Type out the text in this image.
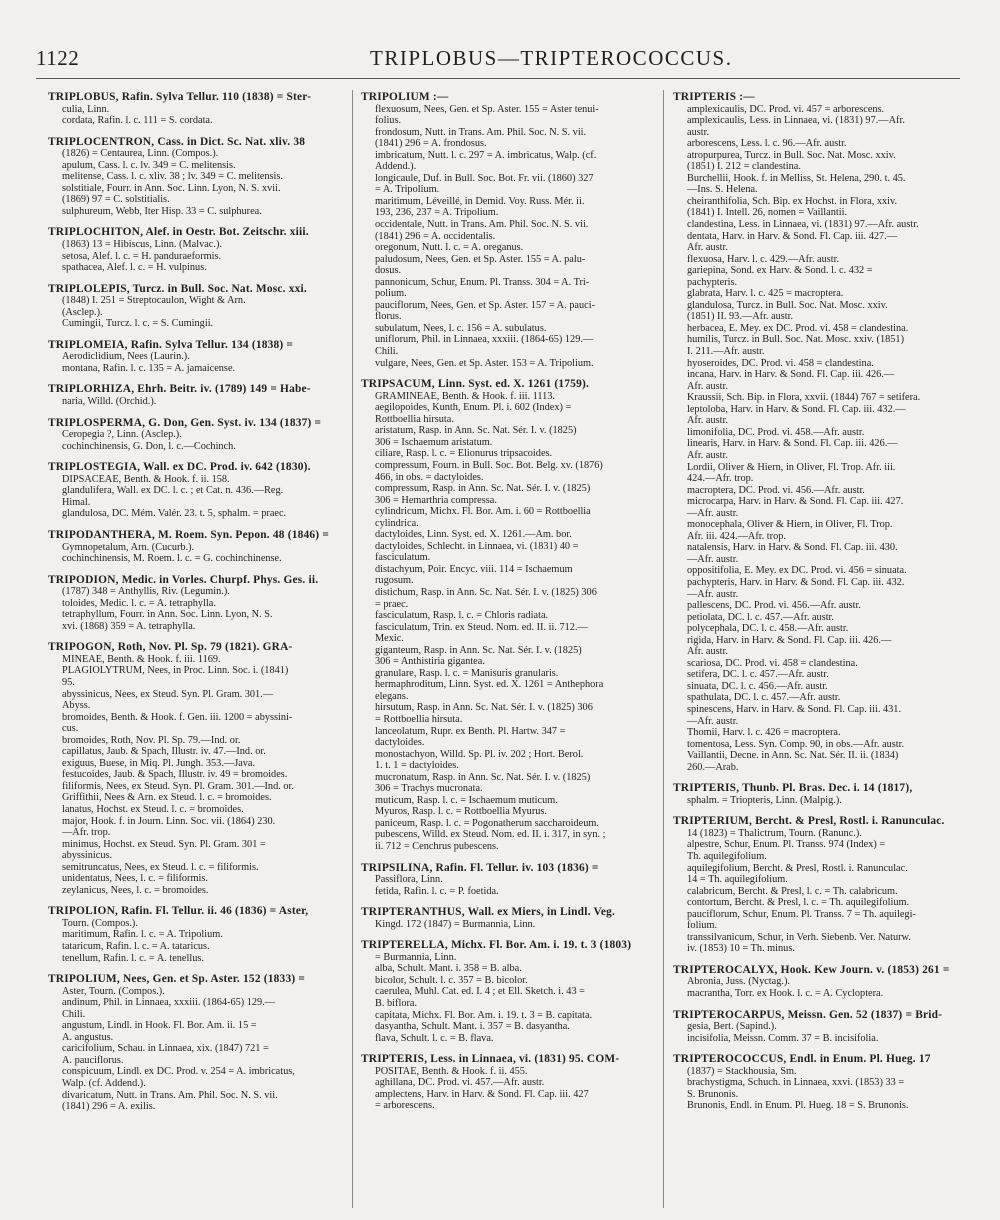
1122	TRIPLOBUS—TRIPTEROCOCCUS.
TRIPLOBUS, Rafin. Sylva Tellur. 110 (1838) = Ster-
culia, Linn.
cordata, Rafin. l. c. 111 = S. cordata.
TRIPLOCENTRON, Cass. in Dict. Sc. Nat. xliv. 38
(1826) = Centaurea, Linn. (Compos.).
apulum, Cass. l. c. lv. 349 = C. melitensis.
melitense, Cass. l. c. xliv. 38 ; lv. 349 = C. melitensis.
solstitiale, Fourr. in Ann. Soc. Linn. Lyon, N. S. xvii.
(1869) 97 = C. solstitialis.
sulphureum, Webb, Iter Hisp. 33 = C. sulphurea.
TRIPLOCHITON, Alef. in Oestr. Bot. Zeitschr. xiii.
(1863) 13 = Hibiscus, Linn. (Malvac.).
setosa, Alef. l. c. = H. panduraeformis.
spathacea, Alef. l. c. = H. vulpinus.
TRIPLOLEPIS, Turcz. in Bull. Soc. Nat. Mosc. xxi.
(1848) I. 251 = Streptocaulon, Wight & Arn.
(Asclep.).
Cumingii, Turcz. l. c. = S. Cumingii.
TRIPLOMEIA, Rafin. Sylva Tellur. 134 (1838) =
Aerodiclidium, Nees (Laurin.).
montana, Rafin. l. c. 135 = A. jamaicense.
TRIPLORHIZA, Ehrh. Beitr. iv. (1789) 149 = Habe-
naria, Willd. (Orchid.).
TRIPLOSPERMA, G. Don, Gen. Syst. iv. 134 (1837) =
Ceropegia ?, Linn. (Asclep.).
cochinchinensis, G. Don, l. c.—Cochinch.
TRIPLOSTEGIA, Wall. ex DC. Prod. iv. 642 (1830).
DIPSACEAE, Benth. & Hook. f. ii. 158.
glandulifera, Wall. ex DC. l. c. ; et Cat. n. 436.—Reg.
Himal.
glandulosa, DC. Mém. Valér. 23. t. 5, sphalm. = praec.
TRIPODANTHERA, M. Roem. Syn. Pepon. 48 (1846) =
Gymnopetalum, Arn. (Cucurb.).
cochinchinensis, M. Roem. l. c. = G. cochinchinense.
TRIPODION, Medic. in Vorles. Churpf. Phys. Ges. ii.
(1787) 348 = Anthyllis, Riv. (Legumin.).
toloides, Medic. l. c. = A. tetraphylla.
tetraphyllum, Fourr. in Ann. Soc. Linn. Lyon, N. S.
xvi. (1868) 359 = A. tetraphylla.
TRIPOGON, Roth, Nov. Pl. Sp. 79 (1821). GRA-
MINEAE, Benth. & Hook. f. iii. 1169.
PLAGIOLYTRUM, Nees, in Proc. Linn. Soc. i. (1841)
95.
abyssinicus, Nees, ex Steud. Syn. Pl. Gram. 301.—
Abyss.
bromoides, Benth. & Hook. f. Gen. iii. 1200 = abyssini-
cus.
bromoides, Roth, Nov. Pl. Sp. 79.—Ind. or.
capillatus, Jaub. & Spach, Illustr. iv. 47.—Ind. or.
exiguus, Buese, in Miq. Pl. Jungh. 353.—Java.
festucoides, Jaub. & Spach, Illustr. iv. 49 = bromoides.
filiformis, Nees, ex Steud. Syn. Pl. Gram. 301.—Ind. or.
Griffithii, Nees & Arn. ex Steud. l. c. = bromoides.
lanatus, Hochst. ex Steud. l. c. = bromoides.
major, Hook. f. in Journ. Linn. Soc. vii. (1864) 230.
—Afr. trop.
minimus, Hochst. ex Steud. Syn. Pl. Gram. 301 =
abyssinicus.
semitruncatus, Nees, ex Steud. l. c. = filiformis.
unidentatus, Nees, l. c. = filiformis.
zeylanicus, Nees, l. c. = bromoides.
TRIPOLION, Rafin. Fl. Tellur. ii. 46 (1836) = Aster,
Tourn. (Compos.).
maritimum, Rafin. l. c. = A. Tripolium.
tataricum, Rafin. l. c. = A. tataricus.
tenellum, Rafin. l. c. = A. tenellus.
TRIPOLIUM, Nees, Gen. et Sp. Aster. 152 (1833) =
Aster, Tourn. (Compos.).
andinum, Phil. in Linnaea, xxxiii. (1864-65) 129.—
Chili.
angustum, Lindl. in Hook. Fl. Bor. Am. ii. 15 =
A. angustus.
caricifolium, Schau. in Linnaea, xix. (1847) 721 =
A. pauciflorus.
conspicuum, Lindl. ex DC. Prod. v. 254 = A. imbricatus,
Walp. (cf. Addend.).
divaricatum, Nutt. in Trans. Am. Phil. Soc. N. S. vii.
(1841) 296 = A. exilis.
TRIPOLIUM :—
flexuosum, Nees, Gen. et Sp. Aster. 155 = Aster tenui-
folius.
frondosum, Nutt. in Trans. Am. Phil. Soc. N. S. vii.
(1841) 296 = A. frondosus.
imbricatum, Nutt. l. c. 297 = A. imbricatus, Walp. (cf.
Addend.).
longicaule, Duf. in Bull. Soc. Bot. Fr. vii. (1860) 327
= A. Tripolium.
maritimum, Léveillé, in Demid. Voy. Russ. Mér. ii.
193, 236, 237 = A. Tripolium.
occidentale, Nutt. in Trans. Am. Phil. Soc. N. S. vii.
(1841) 296 = A. occidentalis.
oregonum, Nutt. l. c. = A. oreganus.
paludosum, Nees, Gen. et Sp. Aster. 155 = A. palu-
dosus.
pannonicum, Schur, Enum. Pl. Transs. 304 = A. Tri-
polium.
pauciflorum, Nees, Gen. et Sp. Aster. 157 = A. pauci-
florus.
subulatum, Nees, l. c. 156 = A. subulatus.
uniflorum, Phil. in Linnaea, xxxiii. (1864-65) 129.—
Chili.
vulgare, Nees, Gen. et Sp. Aster. 153 = A. Tripolium.
TRIPSACUM, Linn. Syst. ed. X. 1261 (1759).
GRAMINEAE, Benth. & Hook. f. iii. 1113.
aegilopoides, Kunth, Enum. Pl. i. 602 (Index) =
Rottboellia hirsuta.
aristatum, Rasp. in Ann. Sc. Nat. Sér. I. v. (1825)
306 = Ischaemum aristatum.
ciliare, Rasp. l. c. = Elionurus tripsacoides.
compressum, Fourn. in Bull. Soc. Bot. Belg. xv. (1876)
466, in obs. = dactyloides.
compressum, Rasp. in Ann. Sc. Nat. Sér. I. v. (1825)
306 = Hemarthria compressa.
cylindricum, Michx. Fl. Bor. Am. i. 60 = Rottboellia
cylindrica.
dactyloides, Linn. Syst. ed. X. 1261.—Am. bor.
dactyloides, Schlecht. in Linnaea, vi. (1831) 40 =
fasciculatum.
distachyum, Poir. Encyc. viii. 114 = Ischaemum
rugosum.
distichum, Rasp. in Ann. Sc. Nat. Sér. I. v. (1825) 306
= praec.
fasciculatum, Rasp. l. c. = Chloris radiata.
fasciculatum, Trin. ex Steud. Nom. ed. II. ii. 712.—
Mexic.
giganteum, Rasp. in Ann. Sc. Nat. Sér. I. v. (1825)
306 = Anthistiria gigantea.
granulare, Rasp. l. c. = Manisuris granularis.
hermaphroditum, Linn. Syst. ed. X. 1261 = Anthephora
elegans.
hirsutum, Rasp. in Ann. Sc. Nat. Sér. I. v. (1825) 306
= Rottboellia hirsuta.
lanceolatum, Rupr. ex Benth. Pl. Hartw. 347 =
dactyloides.
monostachyon, Willd. Sp. Pl. iv. 202 ; Hort. Berol.
1. t. 1 = dactyloides.
mucronatum, Rasp. in Ann. Sc. Nat. Sér. I. v. (1825)
306 = Trachys mucronata.
muticum, Rasp. l. c. = Ischaemum muticum.
Myuros, Rasp. l. c. = Rottboellia Myurus.
paniceum, Rasp. l. c. = Pogonatherum saccharoideum.
pubescens, Willd. ex Steud. Nom. ed. II. i. 317, in syn. ;
ii. 712 = Cenchrus pubescens.
TRIPSILINA, Rafin. Fl. Tellur. iv. 103 (1836) =
Passiflora, Linn.
fetida, Rafin. l. c. = P. foetida.
TRIPTERANTHUS, Wall. ex Miers, in Lindl. Veg.
Kingd. 172 (1847) = Burmannia, Linn.
TRIPTERELLA, Michx. Fl. Bor. Am. i. 19. t. 3 (1803)
= Burmannia, Linn.
alba, Schult. Mant. i. 358 = B. alba.
bicolor, Schult. l. c. 357 = B. bicolor.
caerulea, Muhl. Cat. ed. I. 4 ; et Ell. Sketch. i. 43 =
B. biflora.
capitata, Michx. Fl. Bor. Am. i. 19. t. 3 = B. capitata.
dasyantha, Schult. Mant. i. 357 = B. dasyantha.
flava, Schult. l. c. = B. flava.
TRIPTERIS, Less. in Linnaea, vi. (1831) 95. COM-
POSITAE, Benth. & Hook. f. ii. 455.
aghillana, DC. Prod. vi. 457.—Afr. austr.
amplectens, Harv. in Harv. & Sond. Fl. Cap. iii. 427
= arborescens.
TRIPTERIS :—
amplexicaulis, DC. Prod. vi. 457 = arborescens.
amplexicaulis, Less. in Linnaea, vi. (1831) 97.—Afr.
austr.
arborescens, Less. l. c. 96.—Afr. austr.
atropurpurea, Turcz. in Bull. Soc. Nat. Mosc. xxiv.
(1851) I. 212 = clandestina.
Burchellii, Hook. f. in Melliss, St. Helena, 290. t. 45.
—Ins. S. Helena.
cheiranthifolia, Sch. Bip. ex Hochst. in Flora, xxiv.
(1841) I. Intell. 26, nomen = Vaillantii.
clandestina, Less. in Linnaea, vi. (1831) 97.—Afr. austr.
dentata, Harv. in Harv. & Sond. Fl. Cap. iii. 427.—
Afr. austr.
flexuosa, Harv. l. c. 429.—Afr. austr.
gariepina, Sond. ex Harv. & Sond. l. c. 432 =
pachypteris.
glabrata, Harv. l. c. 425 = macroptera.
glandulosa, Turcz. in Bull. Soc. Nat. Mosc. xxiv.
(1851) II. 93.—Afr. austr.
herbacea, E. Mey. ex DC. Prod. vi. 458 = clandestina.
humilis, Turcz. in Bull. Soc. Nat. Mosc. xxiv. (1851)
I. 211.—Afr. austr.
hyoseroides, DC. Prod. vi. 458 = clandestina.
incana, Harv. in Harv. & Sond. Fl. Cap. iii. 426.—
Afr. austr.
Kraussii, Sch. Bip. in Flora, xxvii. (1844) 767 = setifera.
leptoloba, Harv. in Harv. & Sond. Fl. Cap. iii. 432.—
Afr. austr.
limonifolia, DC. Prod. vi. 458.—Afr. austr.
linearis, Harv. in Harv. & Sond. Fl. Cap. iii. 426.—
Afr. austr.
Lordii, Oliver & Hiern, in Oliver, Fl. Trop. Afr. iii.
424.—Afr. trop.
macroptera, DC. Prod. vi. 456.—Afr. austr.
microcarpa, Harv. in Harv. & Sond. Fl. Cap. iii. 427.
—Afr. austr.
monocephala, Oliver & Hiern, in Oliver, Fl. Trop.
Afr. iii. 424.—Afr. trop.
natalensis, Harv. in Harv. & Sond. Fl. Cap. iii. 430.
—Afr. austr.
oppositifolia, E. Mey. ex DC. Prod. vi. 456 = sinuata.
pachypteris, Harv. in Harv. & Sond. Fl. Cap. iii. 432.
—Afr. austr.
pallescens, DC. Prod. vi. 456.—Afr. austr.
petiolata, DC. l. c. 457.—Afr. austr.
polycephala, DC. l. c. 458.—Afr. austr.
rigida, Harv. in Harv. & Sond. Fl. Cap. iii. 426.—
Afr. austr.
scariosa, DC. Prod. vi. 458 = clandestina.
setifera, DC. l. c. 457.—Afr. austr.
sinuata, DC. l. c. 456.—Afr. austr.
spathulata, DC. l. c. 457.—Afr. austr.
spinescens, Harv. in Harv. & Sond. Fl. Cap. iii. 431.
—Afr. austr.
Thomii, Harv. l. c. 426 = macroptera.
tomentosa, Less. Syn. Comp. 90, in obs.—Afr. austr.
Vaillantii, Decne. in Ann. Sc. Nat. Sér. II. ii. (1834)
260.—Arab.
TRIPTERIS, Thunb. Pl. Bras. Dec. i. 14 (1817),
sphalm. = Triopteris, Linn. (Malpig.).
TRIPTERIUM, Bercht. & Presl, Rostl. i. Ranunculac.
14 (1823) = Thalictrum, Tourn. (Ranunc.).
alpestre, Schur, Enum. Pl. Transs. 974 (Index) =
Th. aquilegifolium.
aquilegifolium, Bercht. & Presl, Rostl. i. Ranunculac.
14 = Th. aquilegifolium.
calabricum, Bercht. & Presl, l. c. = Th. calabricum.
contortum, Bercht. & Presl, l. c. = Th. aquilegifolium.
pauciflorum, Schur, Enum. Pl. Transs. 7 = Th. aquilegi-
folium.
transsilvanicum, Schur, in Verh. Siebenb. Ver. Naturw.
iv. (1853) 10 = Th. minus.
TRIPTEROCALYX, Hook. Kew Journ. v. (1853) 261 =
Abronia, Juss. (Nyctag.).
macrantha, Torr. ex Hook. l. c. = A. Cycloptera.
TRIPTEROCARPUS, Meissn. Gen. 52 (1837) = Brid-
gesia, Bert. (Sapind.).
incisifolia, Meissn. Comm. 37 = B. incisifolia.
TRIPTEROCOCCUS, Endl. in Enum. Pl. Hueg. 17
(1837) = Stackhousia, Sm.
brachystigma, Schuch. in Linnaea, xxvi. (1853) 33 =
S. Brunonis.
Brunonis, Endl. in Enum. Pl. Hueg. 18 = S. Brunonis.
